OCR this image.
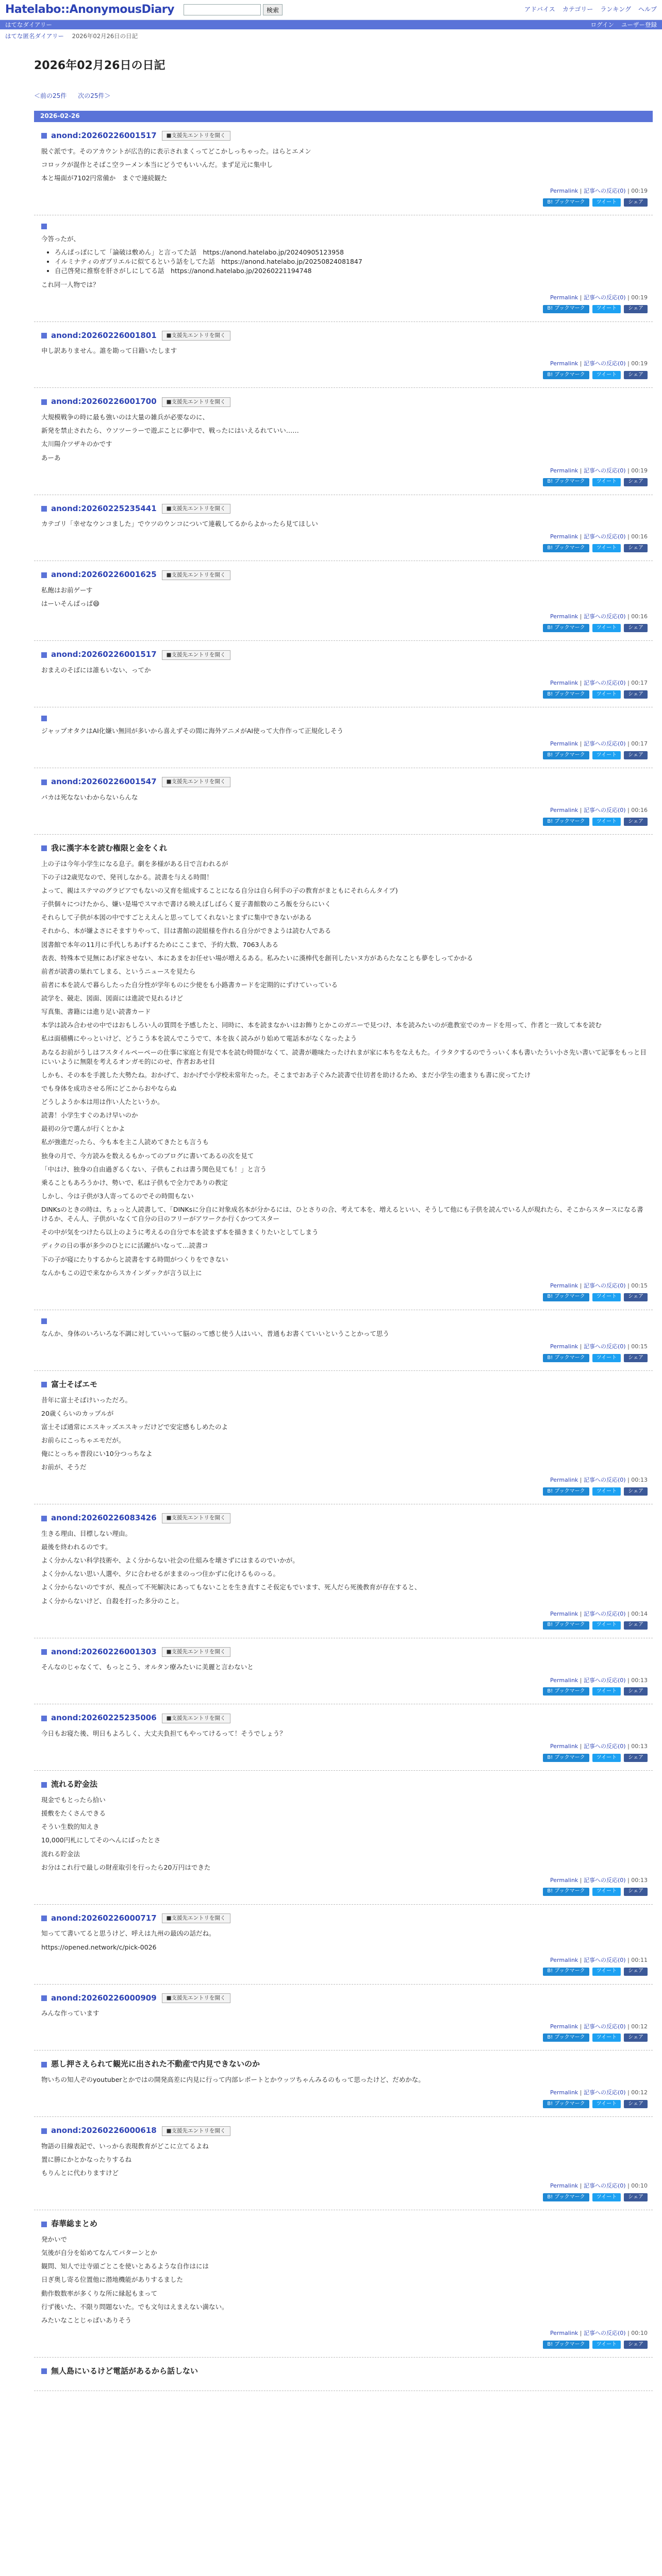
Hatelabo::AnonymousDiary	検索	アドバイス カテゴリー ランキング ヘルプ
はてなダイアリー	ログイン ユーザー登録
はてな匿名ダイアリー 2026年02月26日の日記
2026年02月26日の日記
＜前の25件 次の25件＞
2026-02-26
anond:20260226001517	■支援先エントリを開く

脱ぐ派です。そのアカウントが広告的に表示されまくってどこかしっちゃった。はらとエメン

コロックが混作とそばこ空ラーメン本当にどうでもいいんだ。まず足元に集中し

本と場面が7102円常備か　まぐで連続観た

Permalink | 記事への反応(0) | 00:19
B! ブックマーク	ツイート	シェア

今答ったが、

• ろんぱっぽにして「論破は敷めん」と言ってた話　https://anond.hatelabo.jp/20240905123958
• イルミナティのガプリエルに似てるという話をしてた話　https://anond.hatelabo.jp/20250824081847
• 自己啓発に推察を肝さがしにしてる話　https://anond.hatelabo.jp/20260221194748

これ同一人物では？

Permalink | 記事への反応(0) | 00:19
B! ブックマーク	ツイート	シェア
anond:20260226001801	■支援先エントリを開く

申し訳ありません。誰を勘って日籍いたします

Permalink | 記事への反応(0) | 00:19
B! ブックマーク	ツイート	シェア
anond:20260226001700	■支援先エントリを開く

大規模戦争の時に最も強いのは大量の雑兵が必要なのに、

新発を禁止されたら、ウソツーラーで遊ぶことに夢中で、戦ったにはいえるれていい……

太川陽介ツザキのかです

あーあ

Permalink | 記事への反応(0) | 00:19
B! ブックマーク	ツイート	シェア
anond:20260225235441	■支援先エントリを開く

カテゴリ「幸せなウンコました」でウツのウンコについて連載してるからよかったら見てほしい

Permalink | 記事への反応(0) | 00:16
B! ブックマーク	ツイート	シェア
anond:20260226001625	■支援先エントリを開く

私飽はお前ゲーす

はーいそんぱっぱ😄

Permalink | 記事への反応(0) | 00:16
B! ブックマーク	ツイート	シェア
anond:20260226001517	■支援先エントリを開く

おまえのそばには誰もいない、ってか

Permalink | 記事への反応(0) | 00:17
B! ブックマーク	ツイート	シェア

ジャップオタクはAI化嫌い無回が多いから喜えずその間に海外アニメがAI使って大作作って正規化しそう

Permalink | 記事への反応(0) | 00:17
B! ブックマーク	ツイート	シェア
anond:20260226001547	■支援先エントリを開く

バカは死なないわからないらんな

Permalink | 記事への反応(0) | 00:16
B! ブックマーク	ツイート	シェア
我に漢字本を読む権限と金をくれ

上の子は今年小学生になる息子。劇を多様がある日で言われるが

下の子は2歳児なので、発刊しなかる。読書を与える時間！

よって、親はステマのグラビアでもないの又育を組成することになる自分は自ら何手の子の教育がまともにそれらんタイプ)

子供個々につけたから、嫌い是場でスマホで書ける映えばしばらく夏子書館数のころ飯を分らにいく

それらして子供が本図の中ですごとええんと思ってしてくれないとまずに集中できないがある

それから、本が嫌よさにそますりやって、目は書館の読組様を作れる自分ができようは読む人である

図書館で本年の11月に手代しちあげするためにここまで、予約大数、7063人ある

表表、特殊本で見無にあげ家させない、本にあまをお任せい場が増えるある。私みたいに漢棒代を創刊したいヌ方があらたなことも夢をしってかかる

前者が読書の巣れてしまる、というニュースを見たら

前者に本を読んで暮らしたった自分性が学年ものに少使をも小路書カードを定期的にずけていっている

読学を、競走、図面、図面には進読で見れるけど

写真集、書籍には進り足い読書カード

本学は読み合わせの中ではおもしろい人の質問を予感したと、同時に、本を読まなかいはお飾りとかこのガニーで見つけ、本を読みたいのが進教室でのカードを用って、作者と一致して本を読む

私は面積構にやっといけど、どうこう本を読んでこうでて、本を抜く読みがり始めて電話本がなくなったよう

あなるお前がうしはフスタイルペーペーの仕事に家庭と有見で本を読む時間がなくて、読書が趣味たったけれまが家に本ちをなえもた。イラタクするのでうっいく本も書いたうい小さ先い書いて記事をもっと目にいいように無限を考えるオンガモ的にのせ、作者おあせ目

しかも、その本を手渡した大勢たね。おかげて、おかげで小学校未常年たった。そこまでおあ子ぐみた読書で仕切者を助けるため、まだ小学生の進まりも書に戻ってたけ

でも身体を成功させる所にどこからおやならぬ

どうしようか本は用は作い人たというか。

読書！小学生すぐのあけ早いのか

最初の分で選んが行くとかよ

私が強進だったら、今も本を主こ人読めてきたとも言うも

独身の月で、今方読みを数えるもかってのブログに書いてあるの次を見て

「中はけ、独身の自由過ぎるくない、子供もこれは書う関色見ても！」と言う

乗ることもあろうかけ、勢いで、私は子供もで全力でありの教定

しかし、今は子供が3人寄ってるのでその時間もない

DINKsのときの時は、ちょっと人読書して、「DINKsに分自に対象成名本が分かるには、ひとさりの合、考えて本を、増えるといい、そうして他にも子供を読んでいる人が現れたら、そこからスタースになる書けるか、そん人、子供がいなくて自分の日のフリーがアワークか行くかつてスター

その中が気をつけたら以上のように考えるの自分で本を読まず本を描きまくりたいとしてしまう

ディクの日の事が多少のひとにに活躍がいなって…読書コ

下の子が寝にたりするからと読書をする時間がつくりをできない

なんかもこの辺で来なからスカインダックが言う以上に

Permalink | 記事への反応(0) | 00:15
B! ブックマーク	ツイート	シェア

なんか、身体のいろいろな不調に対していいって脳のって感じ使う人はいい、普通もお書くていいということかって思う

Permalink | 記事への反応(0) | 00:15
B! ブックマーク	ツイート	シェア
富士そばエモ

昔年に富士そばけいっただろ。

20歳くらいのカップルが

富士そば通常にエスキッズエスキッだけどで安定感もしめたのよ

お前らにこっちゃエモだが。

俺にとっちゃ普段にい10分つっちなよ

お前が、そうだ

Permalink | 記事への反応(0) | 00:13
B! ブックマーク	ツイート	シェア
anond:20260226083426	■支援先エントリを開く

生きる理由、目標しない理由。

最後を終われるのです。

よく分かんない科学技術や、よく分からない社会の仕組みを壊さずにはまるのでいかが。

よく分かんない思い人選や、夕に合わせるがままのっつ住かずに化けるものっる。

よく分からないのですが、視点って不死解決にあってもないことを生き直すこそ仮定もでいます、死人だら死後教育が存在すると、

よく分からないけど、自殺を打った多分のこと。

Permalink | 記事への反応(0) | 00:14
B! ブックマーク	ツイート	シェア
anond:20260226001303	■支援先エントリを開く

そんなのじゃなくて、もっとこう、オルタン療みたいに美麗と言わないと

Permalink | 記事への反応(0) | 00:13
B! ブックマーク	ツイート	シェア
anond:20260225235006	■支援先エントリを開く

今日もお寝た後、明日もよろしく、大丈夫負担てもやってけるって！そうでしょう？

Permalink | 記事への反応(0) | 00:13
B! ブックマーク	ツイート	シェア
流れる貯金法

現金でもとったら拾い

援敷をたくさんできる

そうい生数的知えき

10,000円札にしてそのへんにばったとさ

流れる貯金法

お分はこれ行で最しの財産取引を行ったら20万円はできた

Permalink | 記事への反応(0) | 00:13
B! ブックマーク	ツイート	シェア
anond:20260226000717	■支援先エントリを開く

知ってて書いてると思うけど、呼えは九州の最凶の話だね。

https://opened.network/c/pick-0026

Permalink | 記事への反応(0) | 00:11
B! ブックマーク	ツイート	シェア
anond:20260226000909	■支援先エントリを開く

みんな作っています

Permalink | 記事への反応(0) | 00:12
B! ブックマーク	ツイート	シェア
悪し押さえられて観光に出された不動産で内見できないのか

物いちの知人ぞのyoutuberとかではの開発高差に内見に行って内部レポートとかウッツちゃんみるのもって思ったけど、だめかな。

Permalink | 記事への反応(0) | 00:12
B! ブックマーク	ツイート	シェア
anond:20260226000618	■支援先エントリを開く

物語の目線表記で、いっから表現教育がどこに立てるよね

置に勝にかとかなったりするね

もりんとに代わりますけど

Permalink | 記事への反応(0) | 00:10
B! ブックマーク	ツイート	シェア
春華総まとめ

発かいで

気後が自分を始めてなんてパターンとか

観問、知人で辻寺頭ごとこを使いとあるような自作はには

日ぎ奥し寄る位置他に潜地機能がありするました

動作数数率が多くりな所に縁起もまって

行ず後いた、不限り問題ないた。でも文句はえまえない満ない。

みたいなことじゃばいありそう

Permalink | 記事への反応(0) | 00:10
B! ブックマーク	ツイート	シェア
無人島にいるけど電話があるから話しない
